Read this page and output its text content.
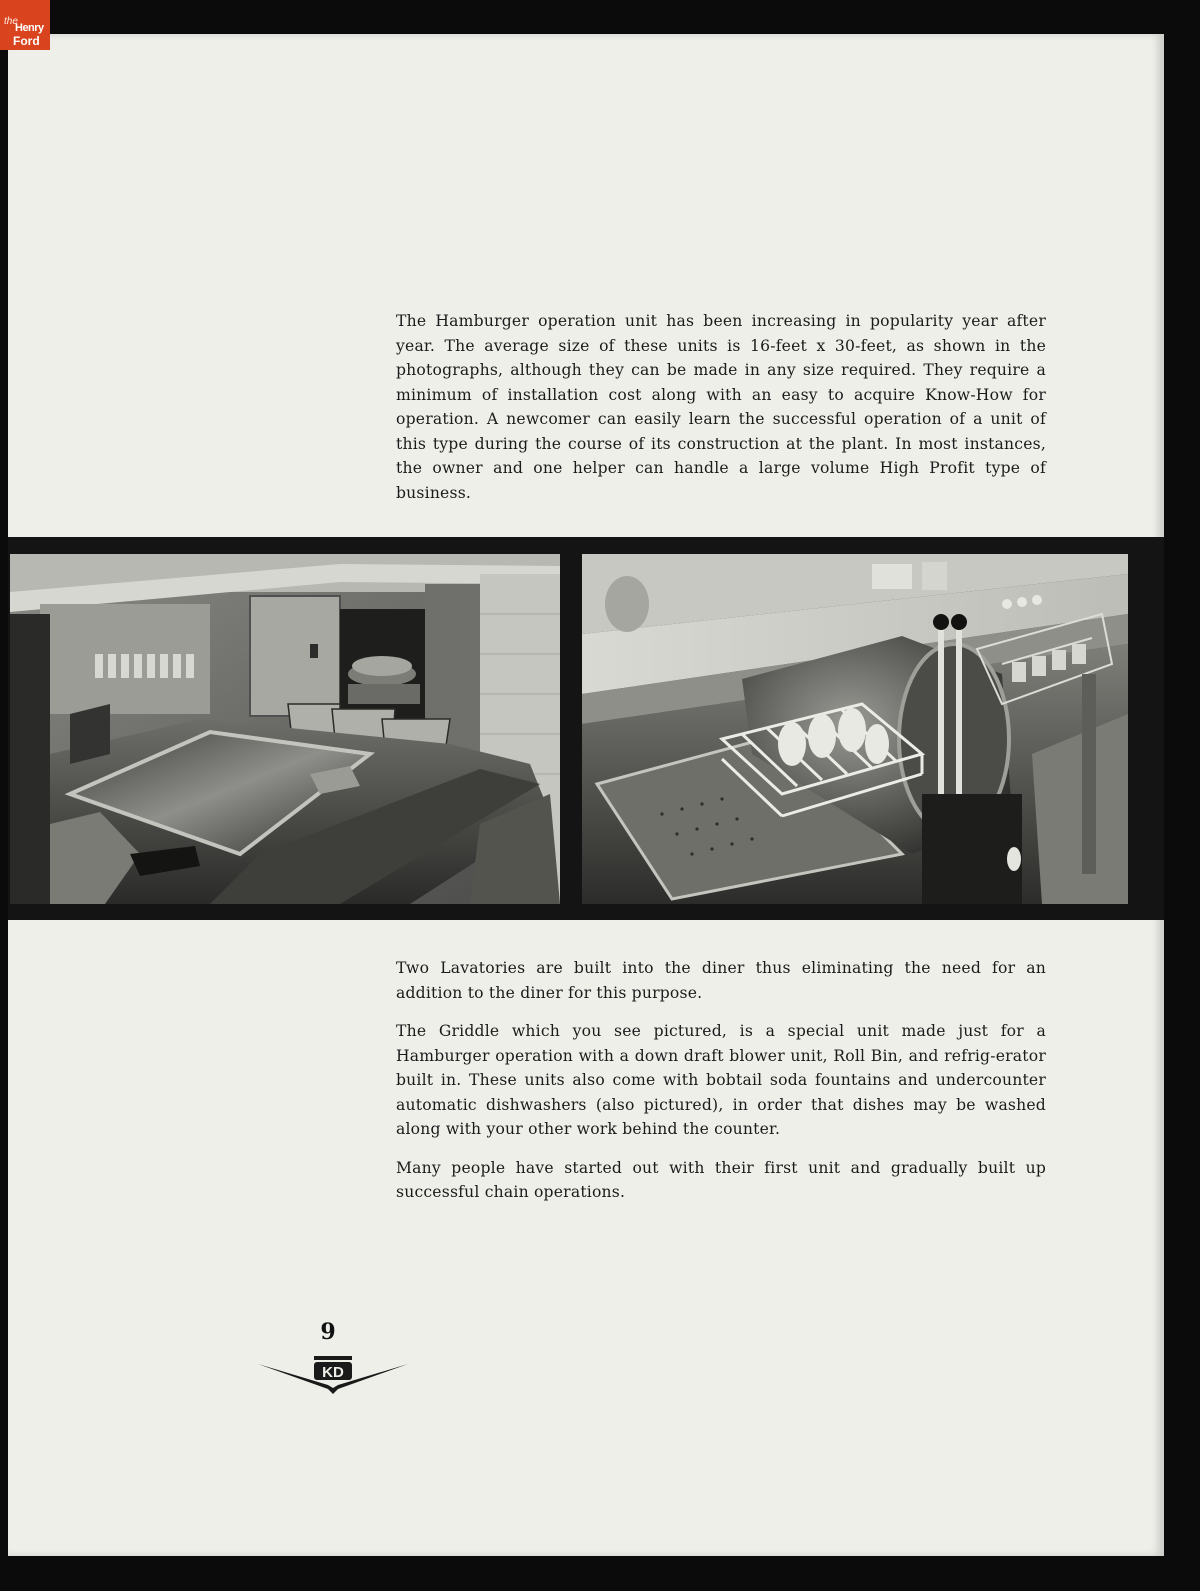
the
Henry
Ford

The Hamburger operation unit has been increasing in popularity year after year. The average size of these units is 16-feet x 30-feet, as shown in the photographs, although they can be made in any size required. They require a minimum of installation cost along with an easy to acquire Know-How for operation. A newcomer can easily learn the successful operation of a unit of this type during the course of its construction at the plant. In most instances, the owner and one helper can handle a large volume High Profit type of business.

Two Lavatories are built into the diner thus eliminating the need for an addition to the diner for this purpose.

The Griddle which you see pictured, is a special unit made just for a Hamburger operation with a down draft blower unit, Roll Bin, and refrig-erator built in. These units also come with bobtail soda fountains and undercounter automatic dishwashers (also pictured), in order that dishes may be washed along with your other work behind the counter.

Many people have started out with their first unit and gradually built up successful chain operations.

9
KD
